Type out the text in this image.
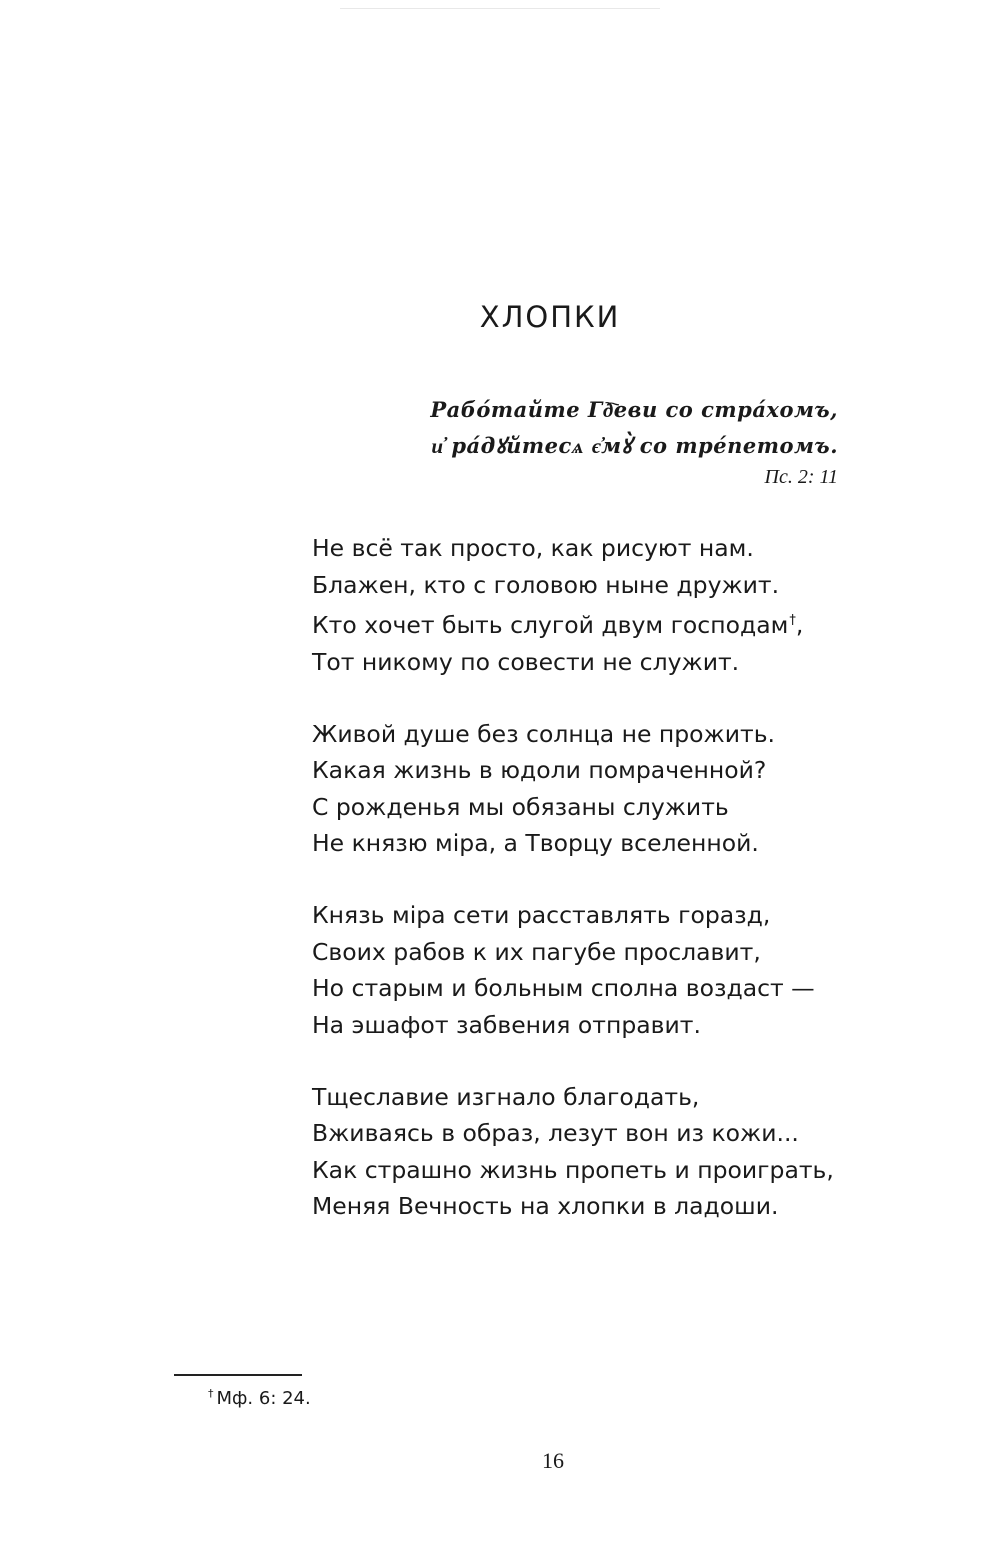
ХЛОПКИ
Рабо́тайте Гд҇еви со стра́хомъ,
и҆ ра́дꙋйтесѧ є҆мꙋ̀ со тре́петомъ.
Пс. 2: 11
Не всё так просто, как рисуют нам.
Блажен, кто с головою ныне дружит.
Кто хочет быть слугой двум господам†,
Тот никому по совести не служит.
Живой душе без солнца не прожить.
Какая жизнь в юдоли помраченной?
С рожденья мы обязаны служить
Не князю міра, а Творцу вселенной.
Князь міра сети расставлять горазд,
Своих рабов к их пагубе прославит,
Но старым и больным сполна воздаст —
На эшафот забвения отправит.
Тщеславие изгнало благодать,
Вживаясь в образ, лезут вон из кожи...
Как страшно жизнь пропеть и проиграть,
Меняя Вечность на хлопки в ладоши.
† Мф. 6: 24.
16
